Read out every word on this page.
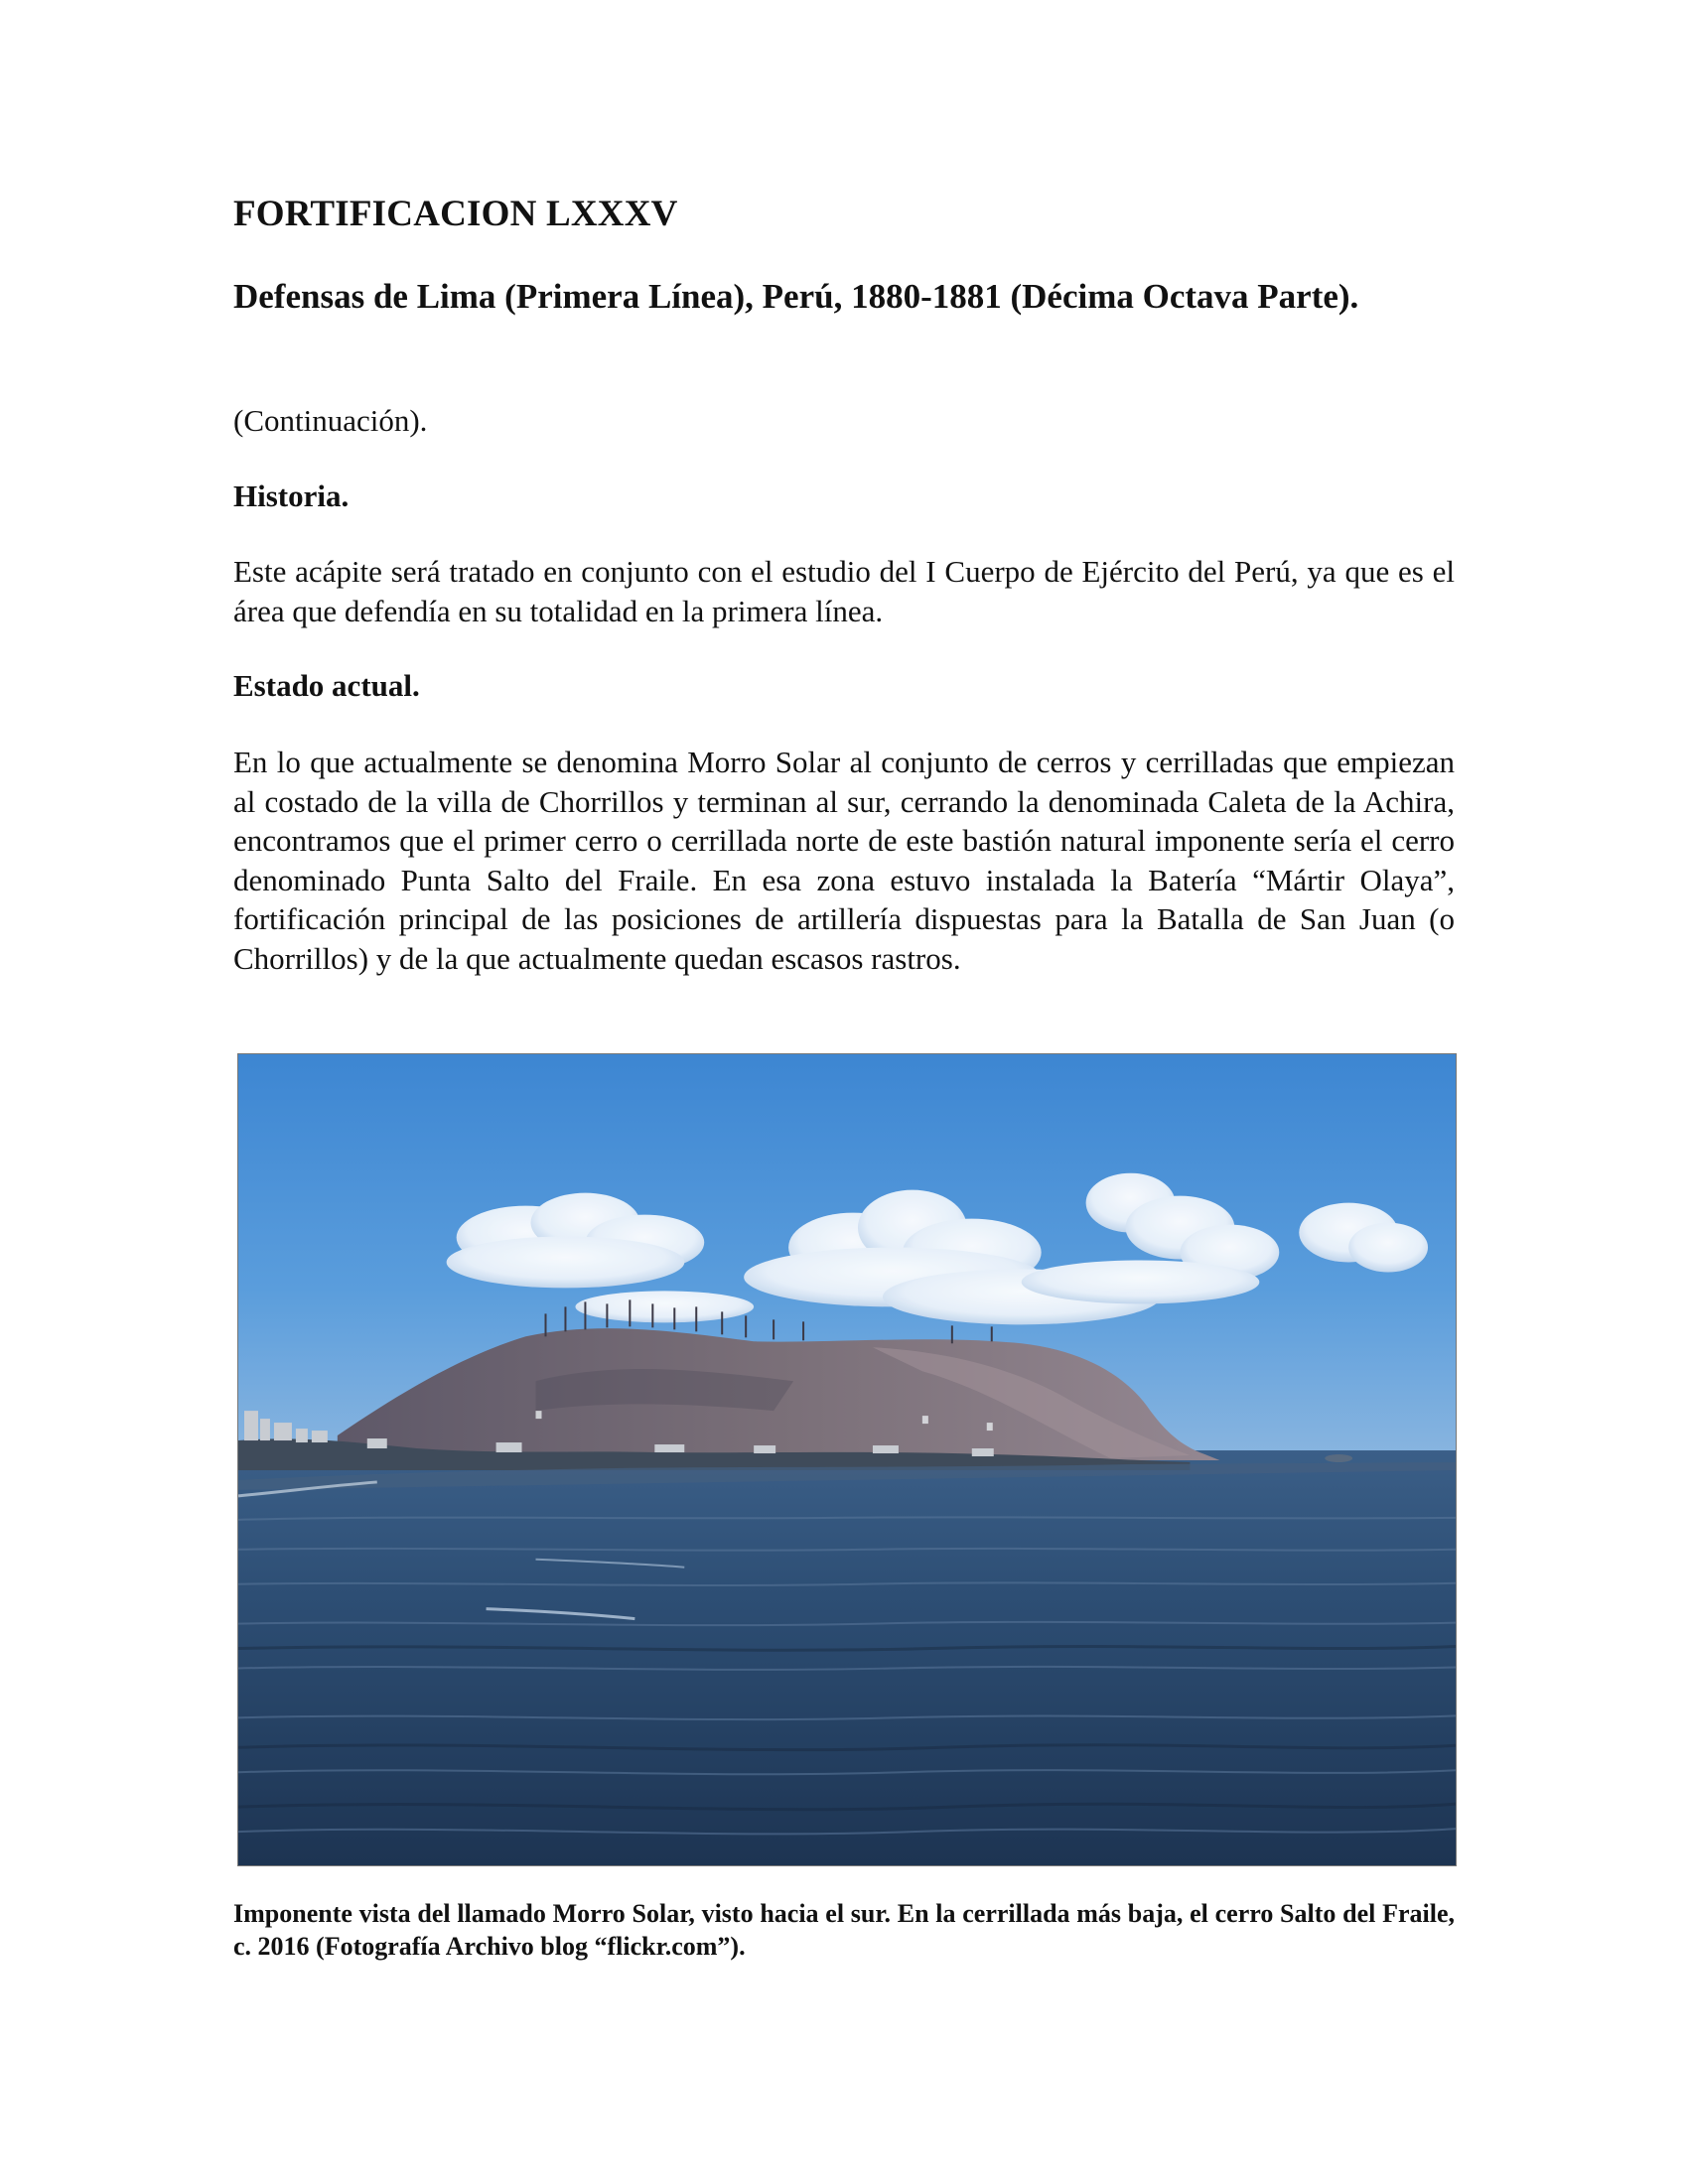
FORTIFICACION LXXXV
Defensas de Lima (Primera Línea), Perú, 1880-1881 (Décima Octava Parte).

(Continuación).

Historia.

Este acápite será tratado en conjunto con el estudio del I Cuerpo de Ejército del Perú, ya que es el área que defendía en su totalidad en la primera línea.

Estado actual.

En lo que actualmente se denomina Morro Solar al conjunto de cerros y cerrilladas que empiezan al costado de la villa de Chorrillos y terminan al sur, cerrando la denominada Caleta de la Achira, encontramos que el primer cerro o cerrillada norte de este bastión natural imponente sería el cerro denominado Punta Salto del Fraile. En esa zona estuvo instalada la Batería “Mártir Olaya”, fortificación principal de las posiciones de artillería dispuestas para la Batalla de San Juan (o Chorrillos) y de la que actualmente quedan escasos rastros.

Imponente vista del llamado Morro Solar, visto hacia el sur. En la cerrillada más baja, el cerro Salto del Fraile, c. 2016 (Fotografía Archivo blog “flickr.com”).
